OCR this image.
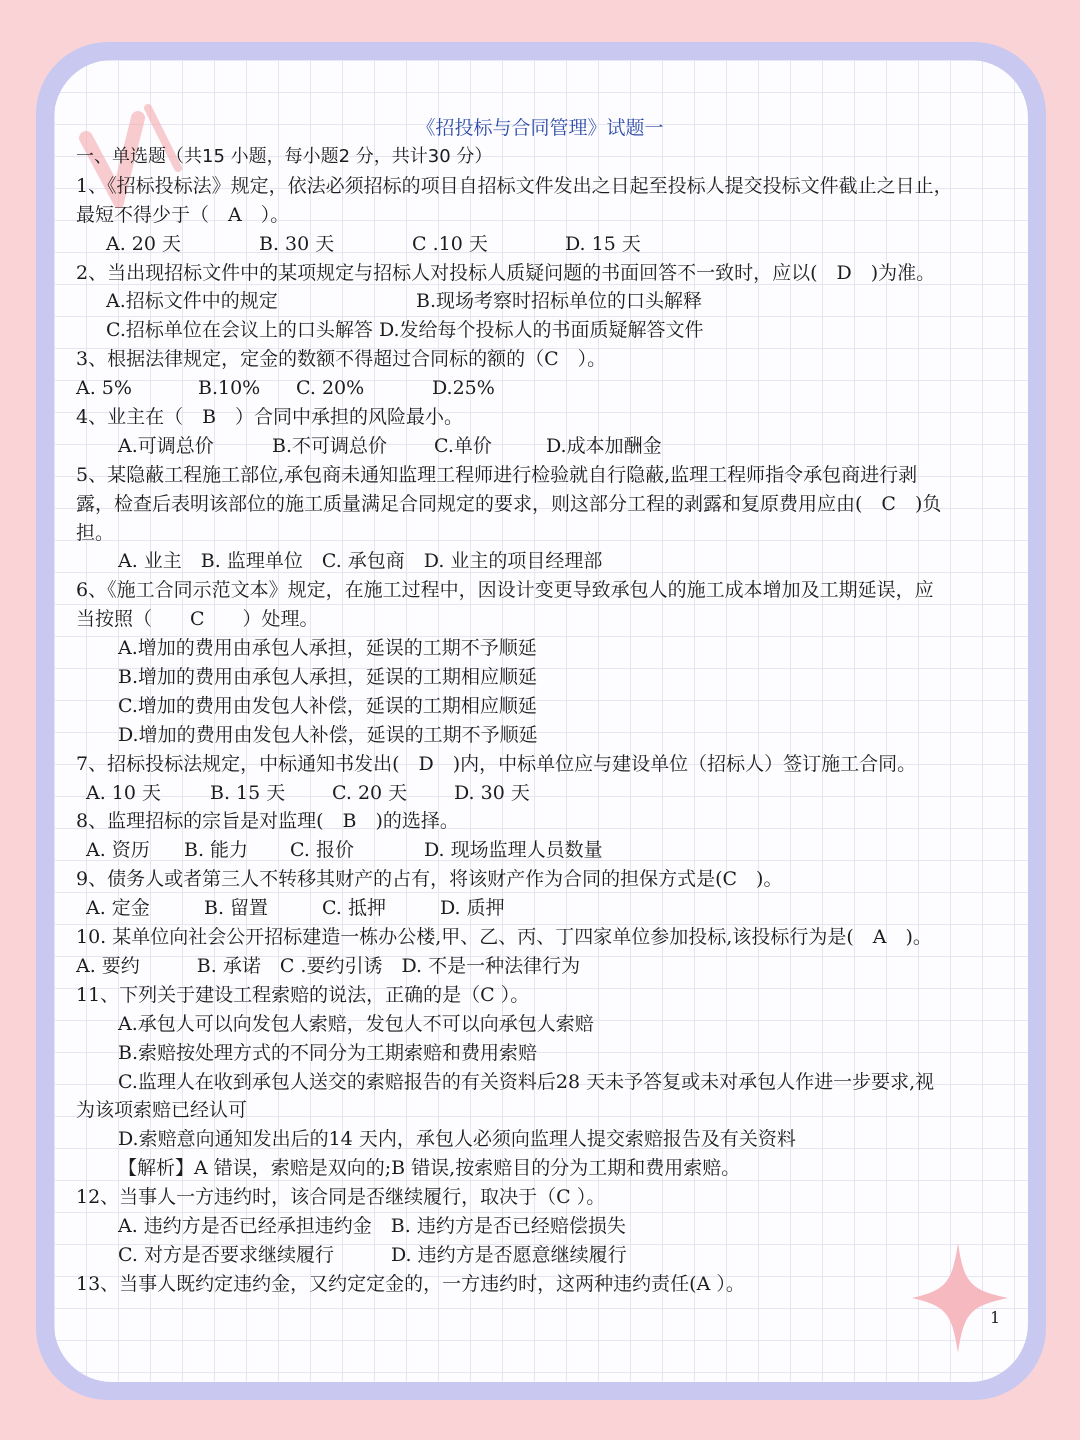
《招投标与合同管理》试题一
一、单选题（共15 小题，每小题2 分，共计30 分）
1、《招标投标法》规定，依法必须招标的项目自招标文件发出之日起至投标人提交投标文件截止之日止，
最短不得少于（　A　）。
A. 20 天	B. 30 天	C .10 天	D. 15 天
2、当出现招标文件中的某项规定与招标人对投标人质疑问题的书面回答不一致时，应以(　D　)为准。
A.招标文件中的规定	B.现场考察时招标单位的口头解释
C.招标单位在会议上的口头解答 D.发给每个投标人的书面质疑解答文件
3、根据法律规定，定金的数额不得超过合同标的额的（C　）。
A. 5%	B.10%	C. 20%	D.25%
4、业主在（　B　）合同中承担的风险最小。
A.可调总价	B.不可调总价	C.单价	D.成本加酬金
5、某隐蔽工程施工部位,承包商未通知监理工程师进行检验就自行隐蔽,监理工程师指令承包商进行剥
露，检查后表明该部位的施工质量满足合同规定的要求，则这部分工程的剥露和复原费用应由(　C　)负
担。
A. 业主　B. 监理单位　C. 承包商　D. 业主的项目经理部
6、《施工合同示范文本》规定，在施工过程中，因设计变更导致承包人的施工成本增加及工期延误，应
当按照（　　C　　）处理。
A.增加的费用由承包人承担，延误的工期不予顺延
B.增加的费用由承包人承担，延误的工期相应顺延
C.增加的费用由发包人补偿，延误的工期相应顺延
D.增加的费用由发包人补偿，延误的工期不予顺延
7、招标投标法规定，中标通知书发出(　D　)内，中标单位应与建设单位（招标人）签订施工合同。
A. 10 天	B. 15 天	C. 20 天	D. 30 天
8、监理招标的宗旨是对监理(　B　)的选择。
A. 资历	B. 能力	C. 报价	D. 现场监理人员数量
9、债务人或者第三人不转移其财产的占有，将该财产作为合同的担保方式是(C　)。
A. 定金	B. 留置	C. 抵押	D. 质押
10. 某单位向社会公开招标建造一栋办公楼,甲、乙、丙、丁四家单位参加投标,该投标行为是(　A　)。
A. 要约　　　B. 承诺　C .要约引诱　D. 不是一种法律行为
11、下列关于建设工程索赔的说法，正确的是（C ）。
A.承包人可以向发包人索赔，发包人不可以向承包人索赔
B.索赔按处理方式的不同分为工期索赔和费用索赔
C.监理人在收到承包人送交的索赔报告的有关资料后28 天未予答复或未对承包人作进一步要求,视
为该项索赔已经认可
D.索赔意向通知发出后的14 天内，承包人必须向监理人提交索赔报告及有关资料
【解析】A 错误，索赔是双向的;B 错误,按索赔目的分为工期和费用索赔。
12、当事人一方违约时，该合同是否继续履行，取决于（C ）。
A. 违约方是否已经承担违约金　B. 违约方是否已经赔偿损失
C. 对方是否要求继续履行　　　D. 违约方是否愿意继续履行
13、当事人既约定违约金，又约定定金的，一方违约时，这两种违约责任(A ）。
1
